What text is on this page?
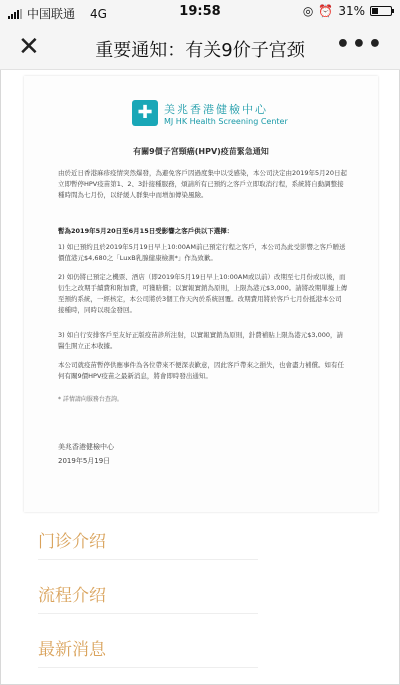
中国联通 4G	19:58	◎ ⏰ 31%
✕	重要通知：有关9价子宫颈	•••
✚	美兆香港健檢中心
MJ HK Health Screening Center
有關9價子宮頸癌(HPV)疫苗緊急通知

由於近日香港麻疹疫情突然爆發，為避免客戶因過度集中以受感染，本公司決定由2019年5月20日起立即暫停HPV疫苗第1、2、3針接種服務，煩請所有已預約之客戶立即取消行程，系統將自動調整接種時間為七月份，以紓緩人群集中而增加傳染風險。

暫為2019年5月20日至6月15日受影響之客戶供以下選擇：

1) 如已預約且於2019年5月19日早上10:00AM前已預定行程之客戶，本公司為此受影響之客戶贈送價值港元$4,680之「LuxB乳腺健康檢測*」作為致歉。

2) 如仍將已預定之機票、酒店（即2019年5月19日早上10:00AM或以前）改期至七月份或以後，而衍生之改期手續費和附加費，可獲賠償；以實報實銷為原則，上限為港元$3,000。請將改期單據上傳至預約系統，一經核定，本公司將於3個工作天內於系統回覆。改期費用將於客戶七月份抵港本公司接種時，同時以現金發回。

3) 如自行安排客戶至友好正版疫苗診所注射，以實報實銷為原則，針費補貼上限為港元$3,000，請醫生開立正本收據。

本公司就疫苗暫停供應事件為各位帶來不便深表歉意，因此客戶帶來之損失，也會盡力補償。如有任何有關9價HPV疫苗之最新消息，將會即時發出通知。

* 詳情請向服務台查詢。

美兆香港健檢中心

2019年5月19日

门诊介绍
流程介绍
最新消息
